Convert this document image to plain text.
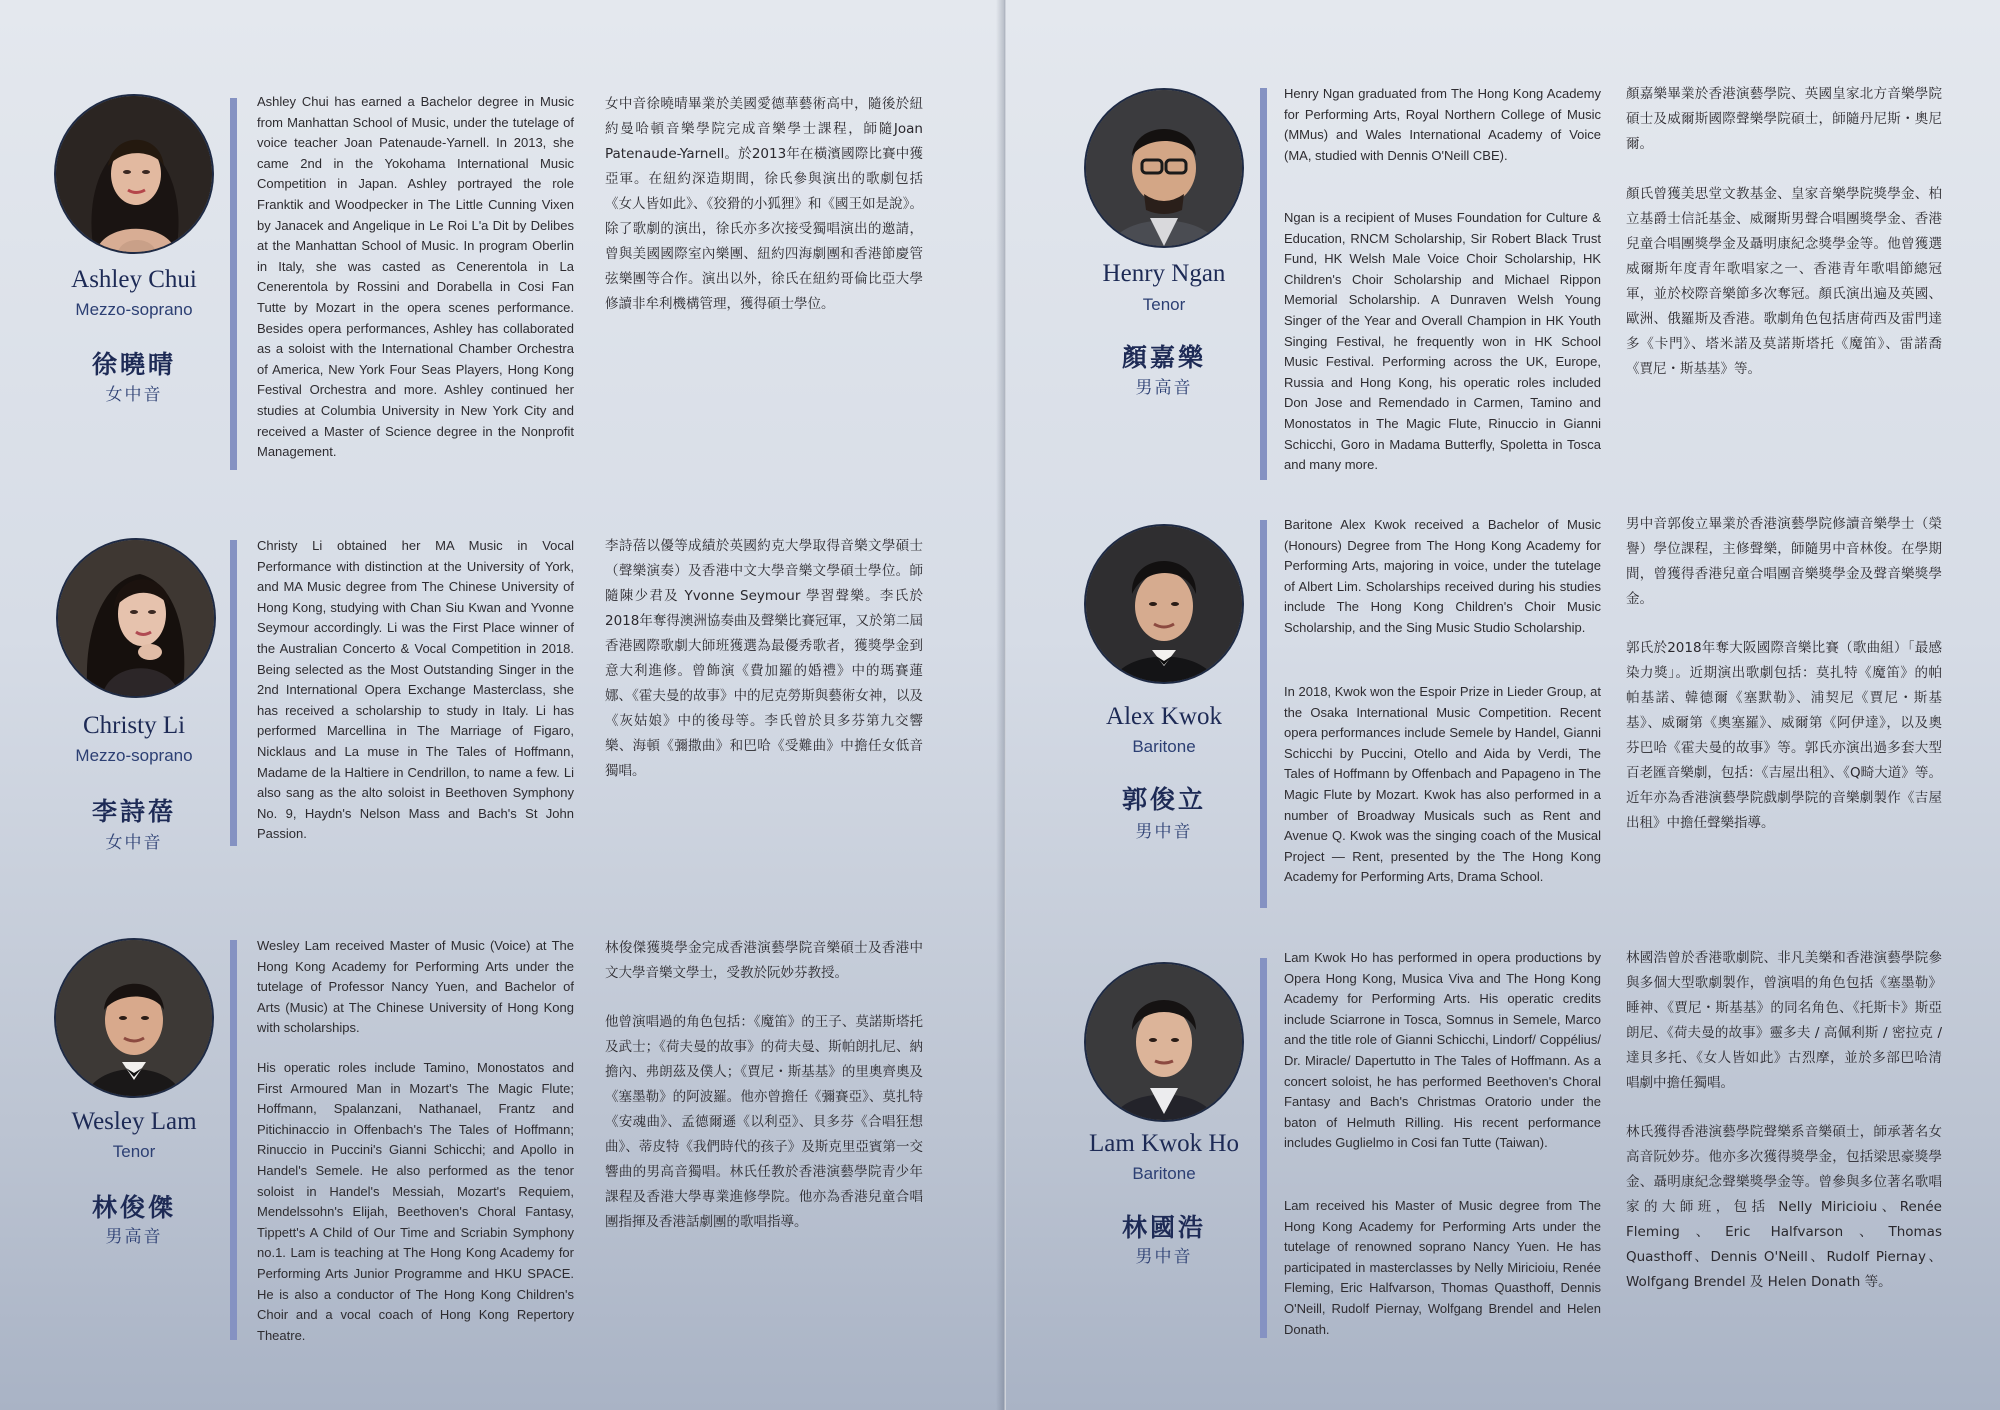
Ashley Chui
Mezzo-soprano
徐曉晴
女中音

Ashley Chui has earned a Bachelor degree in Music from Manhattan School of Music, under the tutelage of voice teacher Joan Patenaude-Yarnell. In 2013, she came 2nd in the Yokohama International Music Competition in Japan. Ashley portrayed the role Franktik and Woodpecker in The Little Cunning Vixen by Janacek and Angelique in Le Roi L'a Dit by Delibes at the Manhattan School of Music. In program Oberlin in Italy, she was casted as Cenerentola in La Cenerentola by Rossini and Dorabella in Cosi Fan Tutte by Mozart in the opera scenes performance. Besides opera performances, Ashley has collaborated as a soloist with the International Chamber Orchestra of America, New York Four Seas Players, Hong Kong Festival Orchestra and more. Ashley continued her studies at Columbia University in New York City and received a Master of Science degree in the Nonprofit Management.

女中音徐曉晴畢業於美國愛德華藝術高中，隨後於紐約曼哈頓音樂學院完成音樂學士課程，師隨Joan Patenaude-Yarnell。於2013年在橫濱國際比賽中獲亞軍。在紐約深造期間，徐氏參與演出的歌劇包括《女人皆如此》、《狡猾的小狐狸》和《國王如是說》。除了歌劇的演出，徐氏亦多次接受獨唱演出的邀請，曾與美國國際室內樂團、紐約四海劇團和香港節慶管弦樂團等合作。演出以外，徐氏在紐約哥倫比亞大學修讀非牟利機構管理，獲得碩士學位。

Christy Li
Mezzo-soprano
李詩蓓
女中音

Christy Li obtained her MA Music in Vocal Performance with distinction at the University of York, and MA Music degree from The Chinese University of Hong Kong, studying with Chan Siu Kwan and Yvonne Seymour accordingly. Li was the First Place winner of the Australian Concerto & Vocal Competition in 2018. Being selected as the Most Outstanding Singer in the 2nd International Opera Exchange Masterclass, she has received a scholarship to study in Italy. Li has performed Marcellina in The Marriage of Figaro, Nicklaus and La muse in The Tales of Hoffmann, Madame de la Haltiere in Cendrillon, to name a few. Li also sang as the alto soloist in Beethoven Symphony No. 9, Haydn's Nelson Mass and Bach's St John Passion.

李詩蓓以優等成績於英國約克大學取得音樂文學碩士（聲樂演奏）及香港中文大學音樂文學碩士學位。師隨陳少君及 Yvonne Seymour 學習聲樂。李氏於2018年奪得澳洲協奏曲及聲樂比賽冠軍，又於第二屆香港國際歌劇大師班獲選為最優秀歌者，獲獎學金到意大利進修。曾飾演《費加羅的婚禮》中的瑪賽蓮娜、《霍夫曼的故事》中的尼克勞斯與藝術女神，以及《灰姑娘》中的後母等。李氏曾於貝多芬第九交響樂、海頓《彌撒曲》和巴哈《受難曲》中擔任女低音獨唱。

Wesley Lam
Tenor
林俊傑
男高音

Wesley Lam received Master of Music (Voice) at The Hong Kong Academy for Performing Arts under the tutelage of Professor Nancy Yuen, and Bachelor of Arts (Music) at The Chinese University of Hong Kong with scholarships.

His operatic roles include Tamino, Monostatos and First Armoured Man in Mozart's The Magic Flute; Hoffmann, Spalanzani, Nathanael, Frantz and Pitichinaccio in Offenbach's The Tales of Hoffmann; Rinuccio in Puccini's Gianni Schicchi; and Apollo in Handel's Semele. He also performed as the tenor soloist in Handel's Messiah, Mozart's Requiem, Mendelssohn's Elijah, Beethoven's Choral Fantasy, Tippett's A Child of Our Time and Scriabin Symphony no.1. Lam is teaching at The Hong Kong Academy for Performing Arts Junior Programme and HKU SPACE. He is also a conductor of The Hong Kong Children's Choir and a vocal coach of Hong Kong Repertory Theatre.

林俊傑獲獎學金完成香港演藝學院音樂碩士及香港中文大學音樂文學士，受教於阮妙芬教授。

他曾演唱過的角色包括：《魔笛》的王子、莫諾斯塔托及武士；《荷夫曼的故事》的荷夫曼、斯帕朗扎尼、納擔內、弗朗茲及僕人；《賈尼・斯基基》的里奧齊奧及《塞墨勒》的阿波羅。他亦曾擔任《彌賽亞》、莫扎特《安魂曲》、孟德爾遜《以利亞》、貝多芬《合唱狂想曲》、蒂皮特《我們時代的孩子》及斯克里亞賓第一交響曲的男高音獨唱。林氏任教於香港演藝學院青少年課程及香港大學專業進修學院。他亦為香港兒童合唱團指揮及香港話劇團的歌唱指導。

Henry Ngan
Tenor
顏嘉樂
男高音

Henry Ngan graduated from The Hong Kong Academy for Performing Arts, Royal Northern College of Music (MMus) and Wales International Academy of Voice (MA, studied with Dennis O'Neill CBE).

Ngan is a recipient of Muses Foundation for Culture & Education, RNCM Scholarship, Sir Robert Black Trust Fund, HK Welsh Male Voice Choir Scholarship, HK Children's Choir Scholarship and Michael Rippon Memorial Scholarship. A Dunraven Welsh Young Singer of the Year and Overall Champion in HK Youth Singing Festival, he frequently won in HK School Music Festival. Performing across the UK, Europe, Russia and Hong Kong, his operatic roles included Don Jose and Remendado in Carmen, Tamino and Monostatos in The Magic Flute, Rinuccio in Gianni Schicchi, Goro in Madama Butterfly, Spoletta in Tosca and many more.

顏嘉樂畢業於香港演藝學院、英國皇家北方音樂學院碩士及威爾斯國際聲樂學院碩士，師隨丹尼斯・奧尼爾。

顏氏曾獲美思堂文教基金、皇家音樂學院獎學金、柏立基爵士信託基金、威爾斯男聲合唱團獎學金、香港兒童合唱團獎學金及聶明康紀念獎學金等。他曾獲選威爾斯年度青年歌唱家之一、香港青年歌唱節總冠軍，並於校際音樂節多次奪冠。顏氏演出遍及英國、歐洲、俄羅斯及香港。歌劇角色包括唐荷西及雷門達多《卡門》、塔米諾及莫諾斯塔托《魔笛》、雷諾喬《賈尼・斯基基》等。

Alex Kwok
Baritone
郭俊立
男中音

Baritone Alex Kwok received a Bachelor of Music (Honours) Degree from The Hong Kong Academy for Performing Arts, majoring in voice, under the tutelage of Albert Lim. Scholarships received during his studies include The Hong Kong Children's Choir Music Scholarship, and the Sing Music Studio Scholarship.

In 2018, Kwok won the Espoir Prize in Lieder Group, at the Osaka International Music Competition. Recent opera performances include Semele by Handel, Gianni Schicchi by Puccini, Otello and Aida by Verdi, The Tales of Hoffmann by Offenbach and Papageno in The Magic Flute by Mozart. Kwok has also performed in a number of Broadway Musicals such as Rent and Avenue Q. Kwok was the singing coach of the Musical Project — Rent, presented by the The Hong Kong Academy for Performing Arts, Drama School.

男中音郭俊立畢業於香港演藝學院修讀音樂學士（榮譽）學位課程，主修聲樂，師隨男中音林俊。在學期間，曾獲得香港兒童合唱團音樂獎學金及聲音樂獎學金。

郭氏於2018年奪大阪國際音樂比賽（歌曲組）「最感染力獎」。近期演出歌劇包括：莫扎特《魔笛》的帕帕基諾、韓德爾《塞默勒》、浦契尼《賈尼・斯基基》、威爾第《奧塞羅》、威爾第《阿伊達》，以及奧芬巴哈《霍夫曼的故事》等。郭氏亦演出過多套大型百老匯音樂劇，包括：《吉屋出租》、《Q畸大道》等。近年亦為香港演藝學院戲劇學院的音樂劇製作《吉屋出租》中擔任聲樂指導。

Lam Kwok Ho
Baritone
林國浩
男中音

Lam Kwok Ho has performed in opera productions by Opera Hong Kong, Musica Viva and The Hong Kong Academy for Performing Arts. His operatic credits include Sciarrone in Tosca, Somnus in Semele, Marco and the title role of Gianni Schicchi, Lindorf/ Coppélius/ Dr. Miracle/ Dapertutto in The Tales of Hoffmann. As a concert soloist, he has performed Beethoven's Choral Fantasy and Bach's Christmas Oratorio under the baton of Helmuth Rilling. His recent performance includes Guglielmo in Cosi fan Tutte (Taiwan).

Lam received his Master of Music degree from The Hong Kong Academy for Performing Arts under the tutelage of renowned soprano Nancy Yuen. He has participated in masterclasses by Nelly Miricioiu, Renée Fleming, Eric Halfvarson, Thomas Quasthoff, Dennis O'Neill, Rudolf Piernay, Wolfgang Brendel and Helen Donath.

林國浩曾於香港歌劇院、非凡美樂和香港演藝學院參與多個大型歌劇製作，曾演唱的角色包括《塞墨勒》睡神、《賈尼・斯基基》的同名角色、《托斯卡》斯亞朗尼、《荷夫曼的故事》靈多夫 / 高佩利斯 / 密拉克 / 達貝多托、《女人皆如此》古烈摩，並於多部巴哈清唱劇中擔任獨唱。

林氏獲得香港演藝學院聲樂系音樂碩士，師承著名女高音阮妙芬。他亦多次獲得獎學金，包括梁思豪獎學金、聶明康紀念聲樂獎學金等。曾參與多位著名歌唱家的大師班，包括 Nelly Miricioiu、Renée Fleming、Eric Halfvarson、Thomas Quasthoff、Dennis O'Neill、Rudolf Piernay、Wolfgang Brendel 及 Helen Donath 等。
